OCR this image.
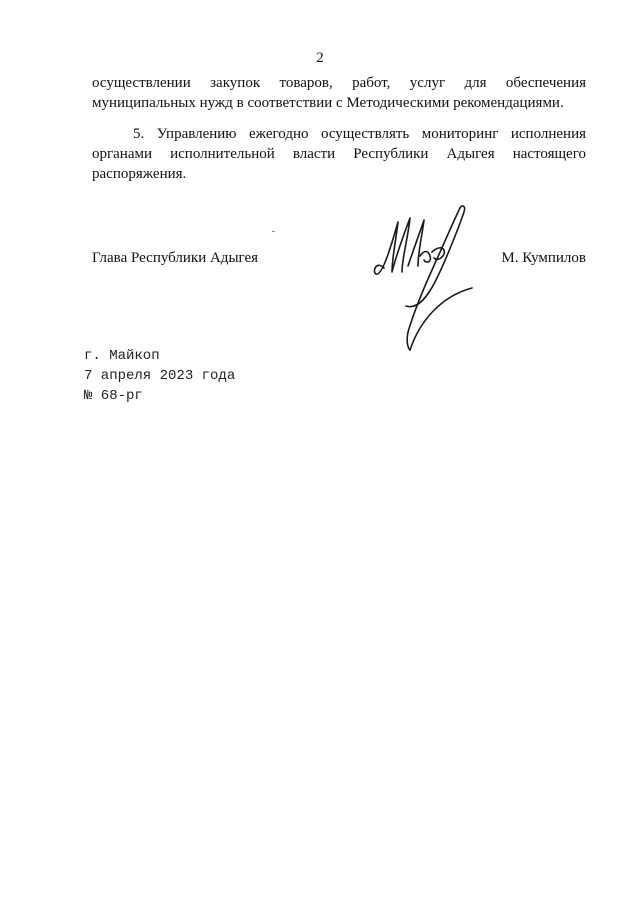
2
осуществлении закупок товаров, работ, услуг для обеспечения
муниципальных нужд в соответствии с Методическими рекомендациями.
5. Управлению ежегодно осуществлять мониторинг исполнения
органами исполнительной власти Республики Адыгея настоящего
распоряжения.
Глава Республики Адыгея	М. Кумпилов
г. Майкоп
7 апреля 2023 года
№ 68-рг
